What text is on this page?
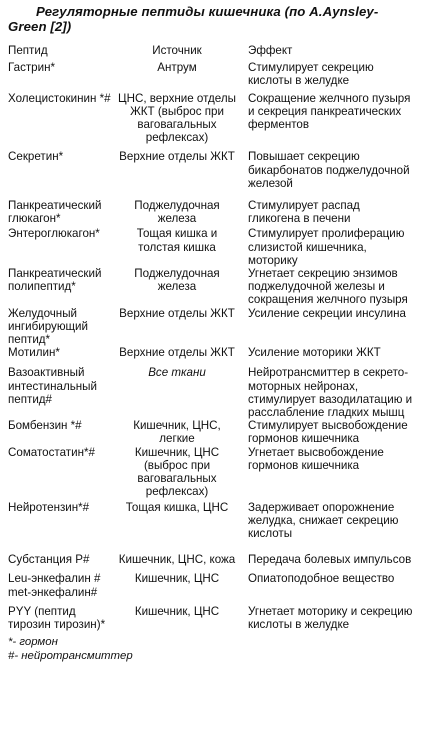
Регуляторные пептиды кишечника (по A.Aynsley-Green [2])
Пептид	Источник	Эффект
Гастрин*	Антрум	Стимулирует секрецию кислоты в желудке
Холецистокинин *#	ЦНС, верхние отделы ЖКТ (выброс при ваговагальных рефлексах)	Сокращение желчного пузыря и секреция панкреатических ферментов
Секретин*	Верхние отделы ЖКТ	Повышает секрецию бикарбонатов поджелудочной железой
Панкреатический глюкагон*	Поджелудочная железа	Стимулирует распад гликогена в печени
Энтероглюкагон*	Тощая кишка и толстая кишка	Стимулирует пролиферацию слизистой кишечника, моторику
Панкреатический полипептид*	Поджелудочная железа	Угнетает секрецию энзимов поджелудочной железы и сокращения желчного пузыря
Желудочный ингибирующий пептид*	Верхние отделы ЖКТ	Усиление секреции инсулина
Мотилин*	Верхние отделы ЖКТ	Усиление моторики ЖКТ
Вазоактивный интестинальный пептид#	Все ткани	Нейротрансмиттер в секрето-моторных нейронах, стимулирует вазодилатацию и расслабление гладких мышц
Бомбензин *#	Кишечник, ЦНС, легкие	Стимулирует высвобождение гормонов кишечника
Соматостатин*#	Кишечник, ЦНС (выброс при ваговагальных рефлексах)	Угнетает высвобождение гормонов кишечника
Нейротензин*#	Тощая кишка, ЦНС	Задерживает опорожнение желудка, снижает секрецию кислоты
Субстанция Р#	Кишечник, ЦНС, кожа	Передача болевых импульсов
Leu-энкефалин # met-энкефалин#	Кишечник, ЦНС	Опиатоподобное вещество
PYY (пептид тирозин тирозин)*	Кишечник, ЦНС	Угнетает моторику и секрецию кислоты в желудке
*- гормон
#- нейротрансмиттер
